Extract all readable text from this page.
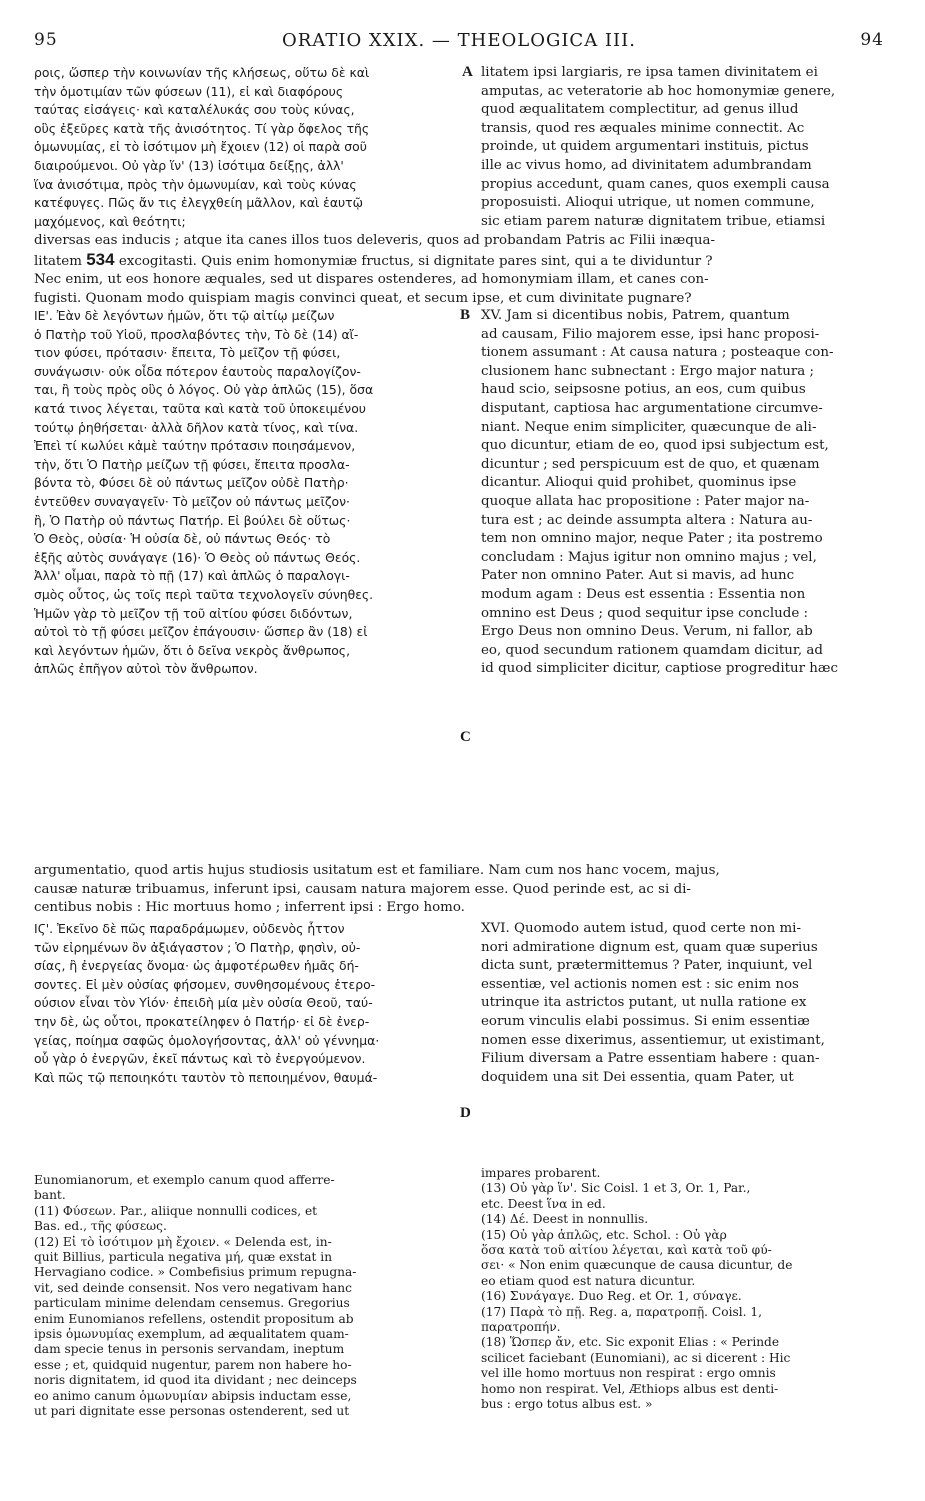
95	ORATIO XXIX. — THEOLOGICA III.	94
ροις, ὥσπερ τὴν κοινωνίαν τῆς κλήσεως, οὕτω δὲ καὶ
τὴν ὁμοτιμίαν τῶν φύσεων (11), εἰ καὶ διαφόρους
ταύτας εἰσάγεις· καὶ καταλέλυκάς σου τοὺς κύνας,
οὓς ἐξεῦρες κατὰ τῆς ἀνισότητος. Τί γὰρ ὄφελος τῆς
ὁμωνυμίας, εἰ τὸ ἰσότιμον μὴ ἔχοιεν (12) οἱ παρὰ σοῦ
διαιρούμενοι. Οὐ γὰρ ἵν' (13) ἰσότιμα δείξῃς, ἀλλ'
ἵνα ἀνισότιμα, πρὸς τὴν ὁμωνυμίαν, καὶ τοὺς κύνας
κατέφυγες. Πῶς ἄν τις ἐλεγχθείη μᾶλλον, καὶ ἑαυτῷ
μαχόμενος, καὶ θεότητι;
litatem ipsi largiaris, re ipsa tamen divinitatem ei
amputas, ac veteratorie ab hoc homonymiæ genere,
quod æqualitatem complectitur, ad genus illud
transis, quod res æquales minime connectit. Ac
proinde, ut quidem argumentari instituis, pictus
ille ac vivus homo, ad divinitatem adumbrandam
propius accedunt, quam canes, quos exempli causa
proposuisti. Alioqui utrique, ut nomen commune,
sic etiam parem naturæ dignitatem tribue, etiamsi
A
diversas eas inducis ; atque ita canes illos tuos deleveris, quos ad probandam Patris ac Filii inæqua-
litatem 534 excogitasti. Quis enim homonymiæ fructus, si dignitate pares sint, qui a te dividuntur ?
Nec enim, ut eos honore æquales, sed ut dispares ostenderes, ad homonymiam illam, et canes con-
fugisti. Quonam modo quispiam magis convinci queat, et secum ipse, et cum divinitate pugnare?
ΙΕ'. Ἐὰν δὲ λεγόντων ἡμῶν, ὅτι τῷ αἰτίῳ μείζων
ὁ Πατὴρ τοῦ Υἱοῦ, προσλαβόντες τὴν, Τὸ δὲ (14) αἴ-
τιον φύσει, πρότασιν· ἔπειτα, Τὸ μεῖζον τῇ φύσει,
συνάγωσιν· οὐκ οἶδα πότερον ἑαυτοὺς παραλογίζον-
ται, ἢ τοὺς πρὸς οὓς ὁ λόγος. Οὐ γὰρ ἁπλῶς (15), ὅσα
κατά τινος λέγεται, ταῦτα καὶ κατὰ τοῦ ὑποκειμένου
τούτῳ ῥηθήσεται· ἀλλὰ δῆλον κατὰ τίνος, καὶ τίνα.
Ἐπεὶ τί κωλύει κἀμὲ ταύτην πρότασιν ποιησάμενον,
τὴν, ὅτι Ὁ Πατὴρ μείζων τῇ φύσει, ἔπειτα προσλα-
βόντα τὸ, Φύσει δὲ οὐ πάντως μεῖζον οὐδὲ Πατὴρ·
ἐντεῦθεν συναγαγεῖν· Τὸ μεῖζον οὐ πάντως μεῖζον·
ἢ, Ὁ Πατὴρ οὐ πάντως Πατήρ. Εἰ βούλει δὲ οὕτως·
Ὁ Θεὸς, οὐσία· Ἡ οὐσία δὲ, οὐ πάντως Θεός· τὸ
ἑξῆς αὐτὸς συνάγαγε (16)· Ὁ Θεὸς οὐ πάντως Θεός.
Ἀλλ' οἶμαι, παρὰ τὸ πῇ (17) καὶ ἁπλῶς ὁ παραλογι-
σμὸς οὗτος, ὡς τοῖς περὶ ταῦτα τεχνολογεῖν σύνηθες.
Ἡμῶν γὰρ τὸ μεῖζον τῇ τοῦ αἰτίου φύσει διδόντων,
αὐτοὶ τὸ τῇ φύσει μεῖζον ἐπάγουσιν· ὥσπερ ἂν (18) εἰ
καὶ λεγόντων ἡμῶν, ὅτι ὁ δεῖνα νεκρὸς ἄνθρωπος,
ἁπλῶς ἐπῆγον αὐτοὶ τὸν ἄνθρωπον.
XV. Jam si dicentibus nobis, Patrem, quantum
ad causam, Filio majorem esse, ipsi hanc proposi-
tionem assumant : At causa natura ; posteaque con-
clusionem hanc subnectant : Ergo major natura ;
haud scio, seipsosne potius, an eos, cum quibus
disputant, captiosa hac argumentatione circumve-
niant. Neque enim simpliciter, quæcunque de ali-
quo dicuntur, etiam de eo, quod ipsi subjectum est,
dicuntur ; sed perspicuum est de quo, et quænam
dicantur. Alioqui quid prohibet, quominus ipse
quoque allata hac propositione : Pater major na-
tura est ; ac deinde assumpta altera : Natura au-
tem non omnino major, neque Pater ; ita postremo
concludam : Majus igitur non omnino majus ; vel,
Pater non omnino Pater. Aut si mavis, ad hunc
modum agam : Deus est essentia : Essentia non
omnino est Deus ; quod sequitur ipse conclude :
Ergo Deus non omnino Deus. Verum, ni fallor, ab
eo, quod secundum rationem quamdam dicitur, ad
id quod simpliciter dicitur, captiose progreditur hæc
B
C
argumentatio, quod artis hujus studiosis usitatum est et familiare. Nam cum nos hanc vocem, majus,
causæ naturæ tribuamus, inferunt ipsi, causam natura majorem esse. Quod perinde est, ac si di-
centibus nobis : Hic mortuus homo ; inferrent ipsi : Ergo homo.
ΙϚ'. Ἐκεῖνο δὲ πῶς παραδράμωμεν, οὐδενὸς ἧττον
τῶν εἰρημένων ὂν ἀξιάγαστον ; Ὁ Πατὴρ, φησὶν, οὐ-
σίας, ἢ ἐνεργείας ὄνομα· ὡς ἀμφοτέρωθεν ἡμᾶς δή-
σοντες. Εἰ μὲν οὐσίας φήσομεν, συνθησομένους ἑτερο-
ούσιον εἶναι τὸν Υἱόν· ἐπειδὴ μία μὲν οὐσία Θεοῦ, ταύ-
την δὲ, ὡς οὗτοι, προκατείληφεν ὁ Πατήρ· εἰ δὲ ἐνερ-
γείας, ποίημα σαφῶς ὁμολογήσοντας, ἀλλ' οὐ γέννημα·
οὗ γὰρ ὁ ἐνεργῶν, ἐκεῖ πάντως καὶ τὸ ἐνεργούμενον.
Καὶ πῶς τῷ πεποιηκότι ταυτὸν τὸ πεποιημένον, θαυμά-
XVI. Quomodo autem istud, quod certe non mi-
nori admiratione dignum est, quam quæ superius
dicta sunt, prætermittemus ? Pater, inquiunt, vel
essentiæ, vel actionis nomen est : sic enim nos
utrinque ita astrictos putant, ut nulla ratione ex
eorum vinculis elabi possimus. Si enim essentiæ
nomen esse dixerimus, assentiemur, ut existimant,
Filium diversam a Patre essentiam habere : quan-
doquidem una sit Dei essentia, quam Pater, ut
D
Eunomianorum, et exemplo canum quod afferre-
bant.
(11) Φύσεων. Par., aliique nonnulli codices, et
Bas. ed., τῆς φύσεως.
(12) Εἰ τὸ ἰσότιμον μὴ ἔχοιεν. « Delenda est, in-
quit Billius, particula negativa μή, quæ exstat in
Hervagiano codice. » Combefisius primum repugna-
vit, sed deinde consensit. Nos vero negativam hanc
particulam minime delendam censemus. Gregorius
enim Eunomianos refellens, ostendit propositum ab
ipsis ὁμωνυμίας exemplum, ad æqualitatem quam-
dam specie tenus in personis servandam, ineptum
esse ; et, quidquid nugentur, parem non habere ho-
noris dignitatem, id quod ita dividant ; nec deinceps
eo animo canum ὁμωνυμίαν abipsis inductam esse,
ut pari dignitate esse personas ostenderent, sed ut
impares probarent.
(13) Οὐ γὰρ ἵν'. Sic Coisl. 1 et 3, Or. 1, Par.,
etc. Deest ἵνα in ed.
(14) Δέ. Deest in nonnullis.
(15) Οὐ γὰρ ἁπλῶς, etc. Schol. : Οὐ γὰρ
ὅσα κατὰ τοῦ αἰτίου λέγεται, καὶ κατὰ τοῦ φύ-
σει· « Non enim quæcunque de causa dicuntur, de
eo etiam quod est natura dicuntur.
(16) Συνάγαγε. Duo Reg. et Or. 1, σύναγε.
(17) Παρὰ τὸ πῇ. Reg. a, παρατροπῇ. Coisl. 1,
παρατροπήν.
(18) Ὥσπερ ἄν, etc. Sic exponit Elias : « Perinde
scilicet faciebant (Eunomiani), ac si dicerent : Hic
vel ille homo mortuus non respirat : ergo omnis
homo non respirat. Vel, Æthiops albus est denti-
bus : ergo totus albus est. »
